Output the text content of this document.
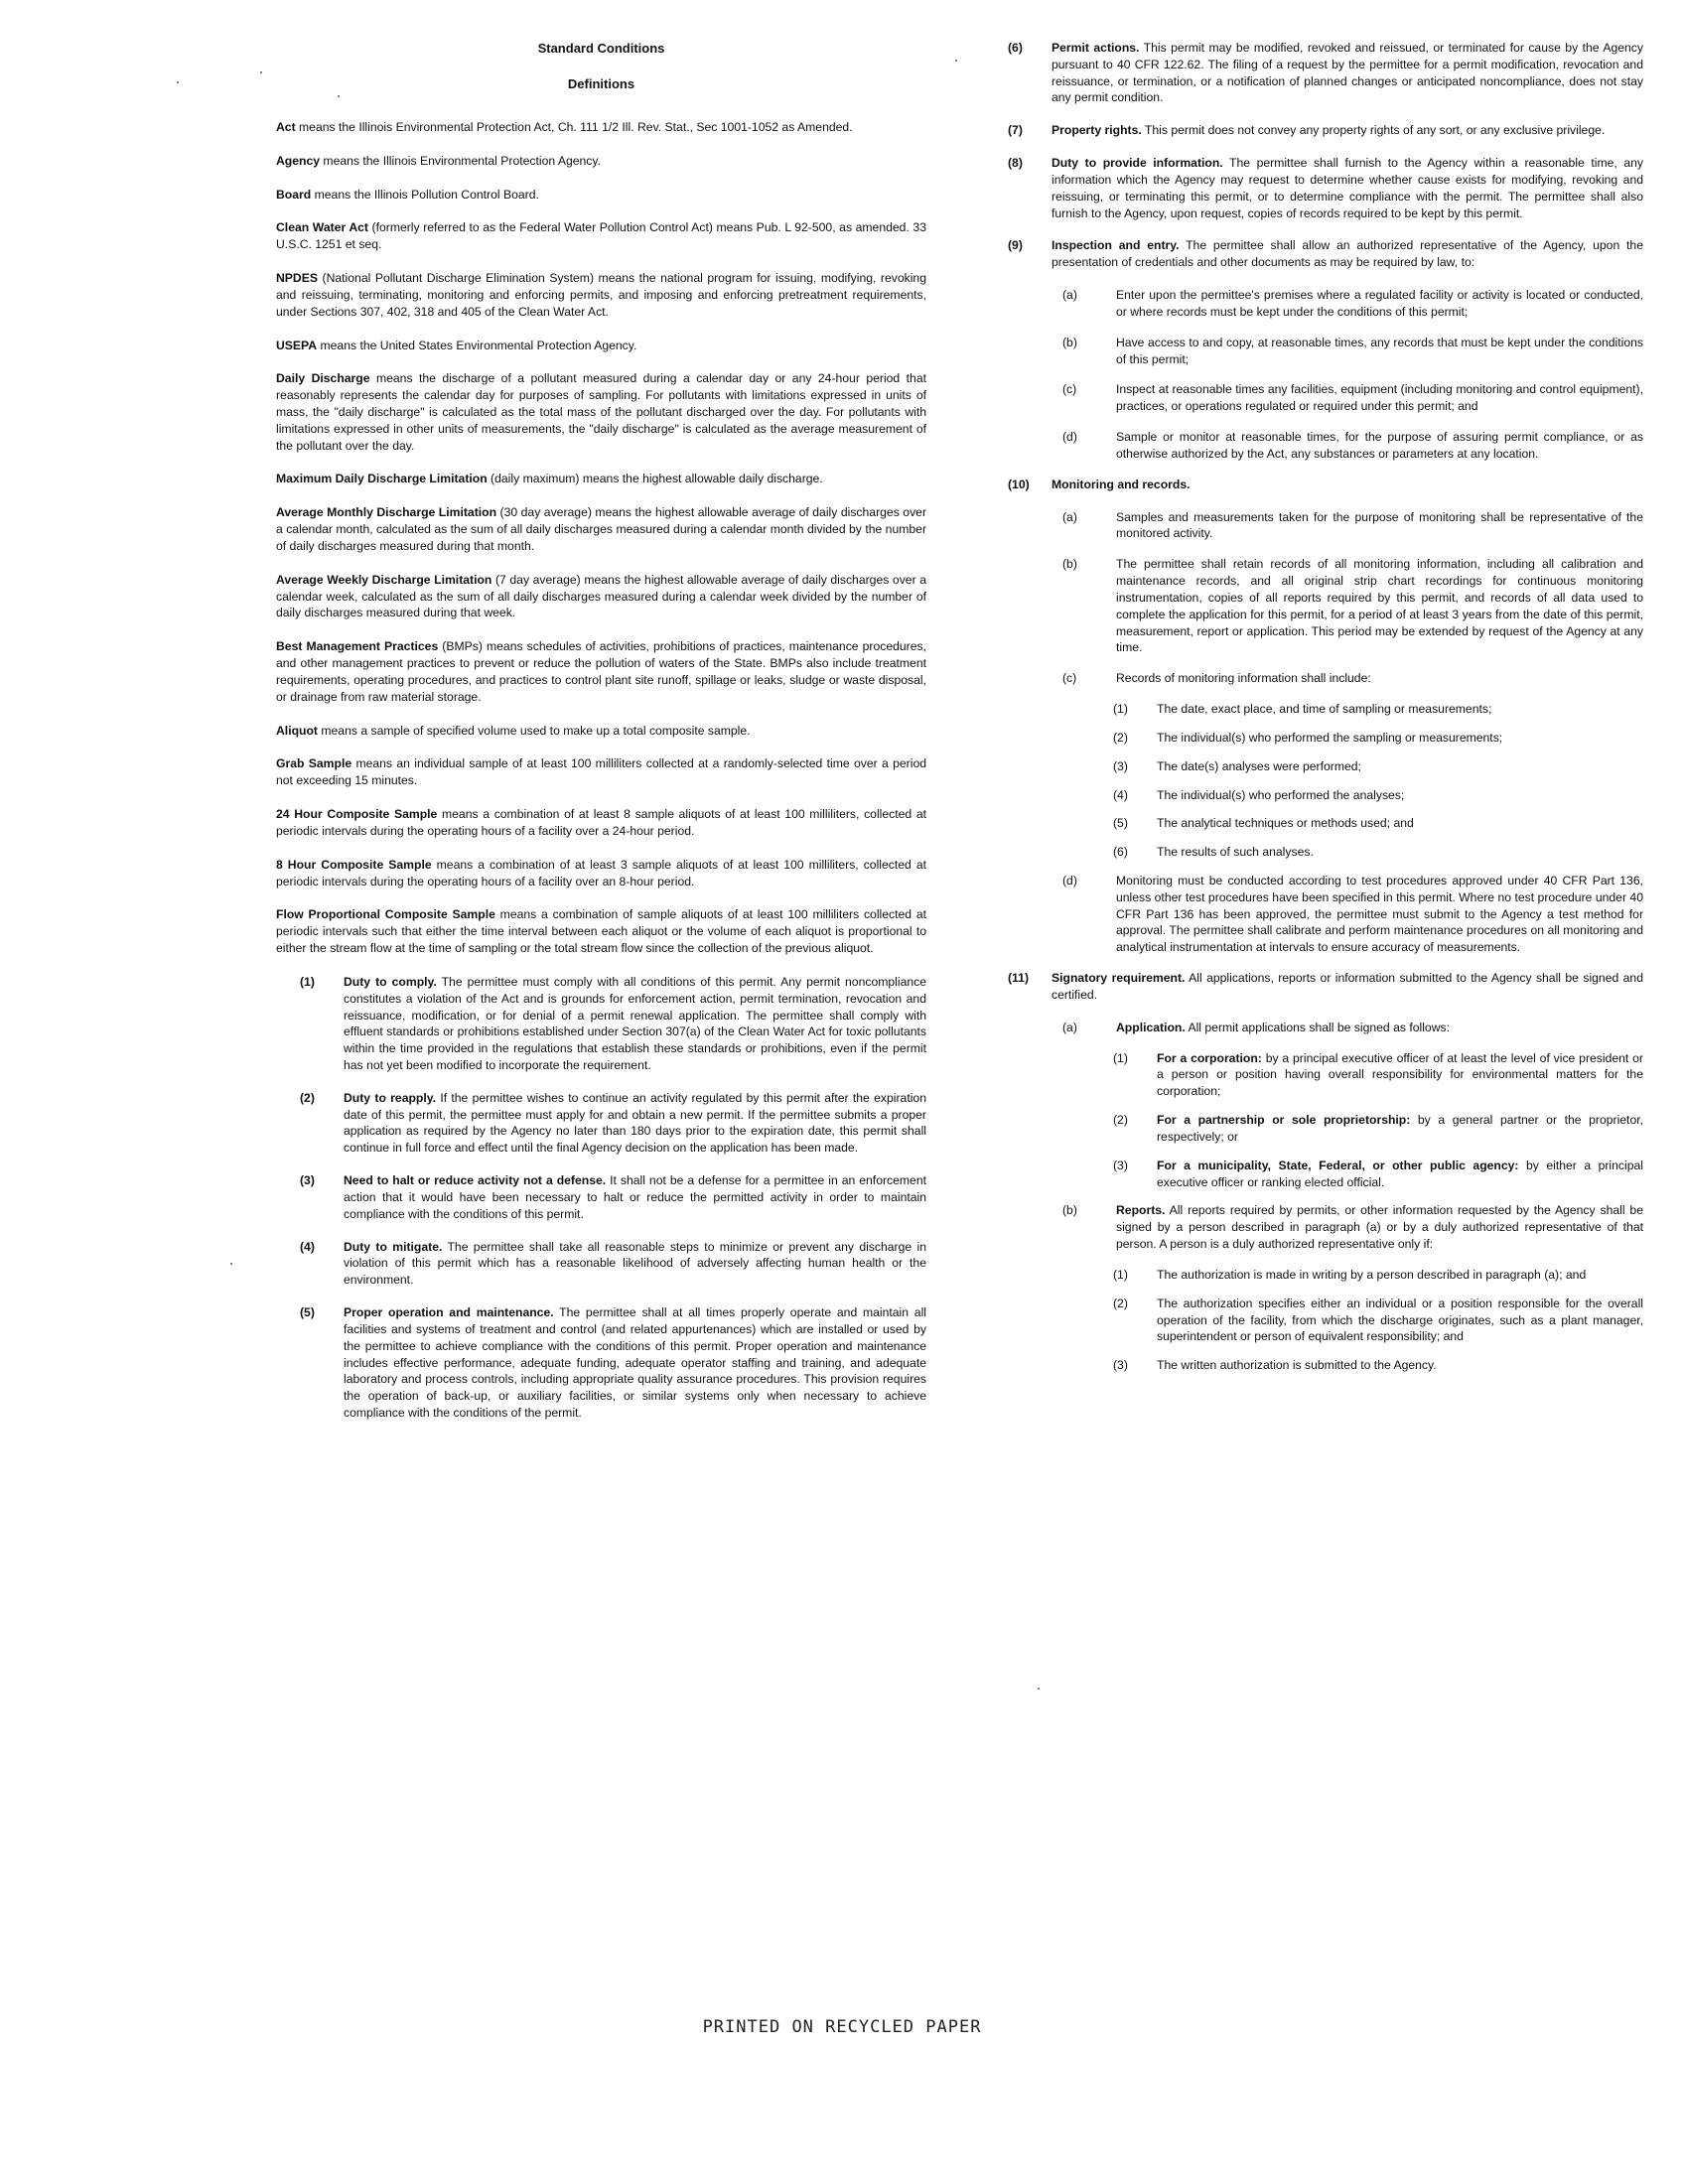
Standard Conditions
Definitions
Act means the Illinois Environmental Protection Act, Ch. 111 1/2 Ill. Rev. Stat., Sec 1001-1052 as Amended.
Agency means the Illinois Environmental Protection Agency.
Board means the Illinois Pollution Control Board.
Clean Water Act (formerly referred to as the Federal Water Pollution Control Act) means Pub. L 92-500, as amended. 33 U.S.C. 1251 et seq.
NPDES (National Pollutant Discharge Elimination System) means the national program for issuing, modifying, revoking and reissuing, terminating, monitoring and enforcing permits, and imposing and enforcing pretreatment requirements, under Sections 307, 402, 318 and 405 of the Clean Water Act.
USEPA means the United States Environmental Protection Agency.
Daily Discharge means the discharge of a pollutant measured during a calendar day or any 24-hour period that reasonably represents the calendar day for purposes of sampling. For pollutants with limitations expressed in units of mass, the "daily discharge" is calculated as the total mass of the pollutant discharged over the day. For pollutants with limitations expressed in other units of measurements, the "daily discharge" is calculated as the average measurement of the pollutant over the day.
Maximum Daily Discharge Limitation (daily maximum) means the highest allowable daily discharge.
Average Monthly Discharge Limitation (30 day average) means the highest allowable average of daily discharges over a calendar month, calculated as the sum of all daily discharges measured during a calendar month divided by the number of daily discharges measured during that month.
Average Weekly Discharge Limitation (7 day average) means the highest allowable average of daily discharges over a calendar week, calculated as the sum of all daily discharges measured during a calendar week divided by the number of daily discharges measured during that week.
Best Management Practices (BMPs) means schedules of activities, prohibitions of practices, maintenance procedures, and other management practices to prevent or reduce the pollution of waters of the State. BMPs also include treatment requirements, operating procedures, and practices to control plant site runoff, spillage or leaks, sludge or waste disposal, or drainage from raw material storage.
Aliquot means a sample of specified volume used to make up a total composite sample.
Grab Sample means an individual sample of at least 100 milliliters collected at a randomly-selected time over a period not exceeding 15 minutes.
24 Hour Composite Sample means a combination of at least 8 sample aliquots of at least 100 milliliters, collected at periodic intervals during the operating hours of a facility over a 24-hour period.
8 Hour Composite Sample means a combination of at least 3 sample aliquots of at least 100 milliliters, collected at periodic intervals during the operating hours of a facility over an 8-hour period.
Flow Proportional Composite Sample means a combination of sample aliquots of at least 100 milliliters collected at periodic intervals such that either the time interval between each aliquot or the volume of each aliquot is proportional to either the stream flow at the time of sampling or the total stream flow since the collection of the previous aliquot.
(1)	Duty to comply. The permittee must comply with all conditions of this permit. Any permit noncompliance constitutes a violation of the Act and is grounds for enforcement action, permit termination, revocation and reissuance, modification, or for denial of a permit renewal application. The permittee shall comply with effluent standards or prohibitions established under Section 307(a) of the Clean Water Act for toxic pollutants within the time provided in the regulations that establish these standards or prohibitions, even if the permit has not yet been modified to incorporate the requirement.
(2)	Duty to reapply. If the permittee wishes to continue an activity regulated by this permit after the expiration date of this permit, the permittee must apply for and obtain a new permit. If the permittee submits a proper application as required by the Agency no later than 180 days prior to the expiration date, this permit shall continue in full force and effect until the final Agency decision on the application has been made.
(3)	Need to halt or reduce activity not a defense. It shall not be a defense for a permittee in an enforcement action that it would have been necessary to halt or reduce the permitted activity in order to maintain compliance with the conditions of this permit.
(4)	Duty to mitigate. The permittee shall take all reasonable steps to minimize or prevent any discharge in violation of this permit which has a reasonable likelihood of adversely affecting human health or the environment.
(5)	Proper operation and maintenance. The permittee shall at all times properly operate and maintain all facilities and systems of treatment and control (and related appurtenances) which are installed or used by the permittee to achieve compliance with the conditions of this permit. Proper operation and maintenance includes effective performance, adequate funding, adequate operator staffing and training, and adequate laboratory and process controls, including appropriate quality assurance procedures. This provision requires the operation of back-up, or auxiliary facilities, or similar systems only when necessary to achieve compliance with the conditions of the permit.
(6)	Permit actions. This permit may be modified, revoked and reissued, or terminated for cause by the Agency pursuant to 40 CFR 122.62. The filing of a request by the permittee for a permit modification, revocation and reissuance, or termination, or a notification of planned changes or anticipated noncompliance, does not stay any permit condition.
(7)	Property rights. This permit does not convey any property rights of any sort, or any exclusive privilege.
(8)	Duty to provide information. The permittee shall furnish to the Agency within a reasonable time, any information which the Agency may request to determine whether cause exists for modifying, revoking and reissuing, or terminating this permit, or to determine compliance with the permit. The permittee shall also furnish to the Agency, upon request, copies of records required to be kept by this permit.
(9)	Inspection and entry. The permittee shall allow an authorized representative of the Agency, upon the presentation of credentials and other documents as may be required by law, to:
(a)	Enter upon the permittee's premises where a regulated facility or activity is located or conducted, or where records must be kept under the conditions of this permit;
(b)	Have access to and copy, at reasonable times, any records that must be kept under the conditions of this permit;
(c)	Inspect at reasonable times any facilities, equipment (including monitoring and control equipment), practices, or operations regulated or required under this permit; and
(d)	Sample or monitor at reasonable times, for the purpose of assuring permit compliance, or as otherwise authorized by the Act, any substances or parameters at any location.
(10)	Monitoring and records.
(a)	Samples and measurements taken for the purpose of monitoring shall be representative of the monitored activity.
(b)	The permittee shall retain records of all monitoring information, including all calibration and maintenance records, and all original strip chart recordings for continuous monitoring instrumentation, copies of all reports required by this permit, and records of all data used to complete the application for this permit, for a period of at least 3 years from the date of this permit, measurement, report or application. This period may be extended by request of the Agency at any time.
(c)	Records of monitoring information shall include:
(1)	The date, exact place, and time of sampling or measurements;
(2)	The individual(s) who performed the sampling or measurements;
(3)	The date(s) analyses were performed;
(4)	The individual(s) who performed the analyses;
(5)	The analytical techniques or methods used; and
(6)	The results of such analyses.
(d)	Monitoring must be conducted according to test procedures approved under 40 CFR Part 136, unless other test procedures have been specified in this permit. Where no test procedure under 40 CFR Part 136 has been approved, the permittee must submit to the Agency a test method for approval. The permittee shall calibrate and perform maintenance procedures on all monitoring and analytical instrumentation at intervals to ensure accuracy of measurements.
(11)	Signatory requirement. All applications, reports or information submitted to the Agency shall be signed and certified.
(a)	Application. All permit applications shall be signed as follows:
(1)	For a corporation: by a principal executive officer of at least the level of vice president or a person or position having overall responsibility for environmental matters for the corporation;
(2)	For a partnership or sole proprietorship: by a general partner or the proprietor, respectively; or
(3)	For a municipality, State, Federal, or other public agency: by either a principal executive officer or ranking elected official.
(b)	Reports. All reports required by permits, or other information requested by the Agency shall be signed by a person described in paragraph (a) or by a duly authorized representative of that person. A person is a duly authorized representative only if:
(1)	The authorization is made in writing by a person described in paragraph (a); and
(2)	The authorization specifies either an individual or a position responsible for the overall operation of the facility, from which the discharge originates, such as a plant manager, superintendent or person of equivalent responsibility; and
(3)	The written authorization is submitted to the Agency.
PRINTED ON RECYCLED PAPER
